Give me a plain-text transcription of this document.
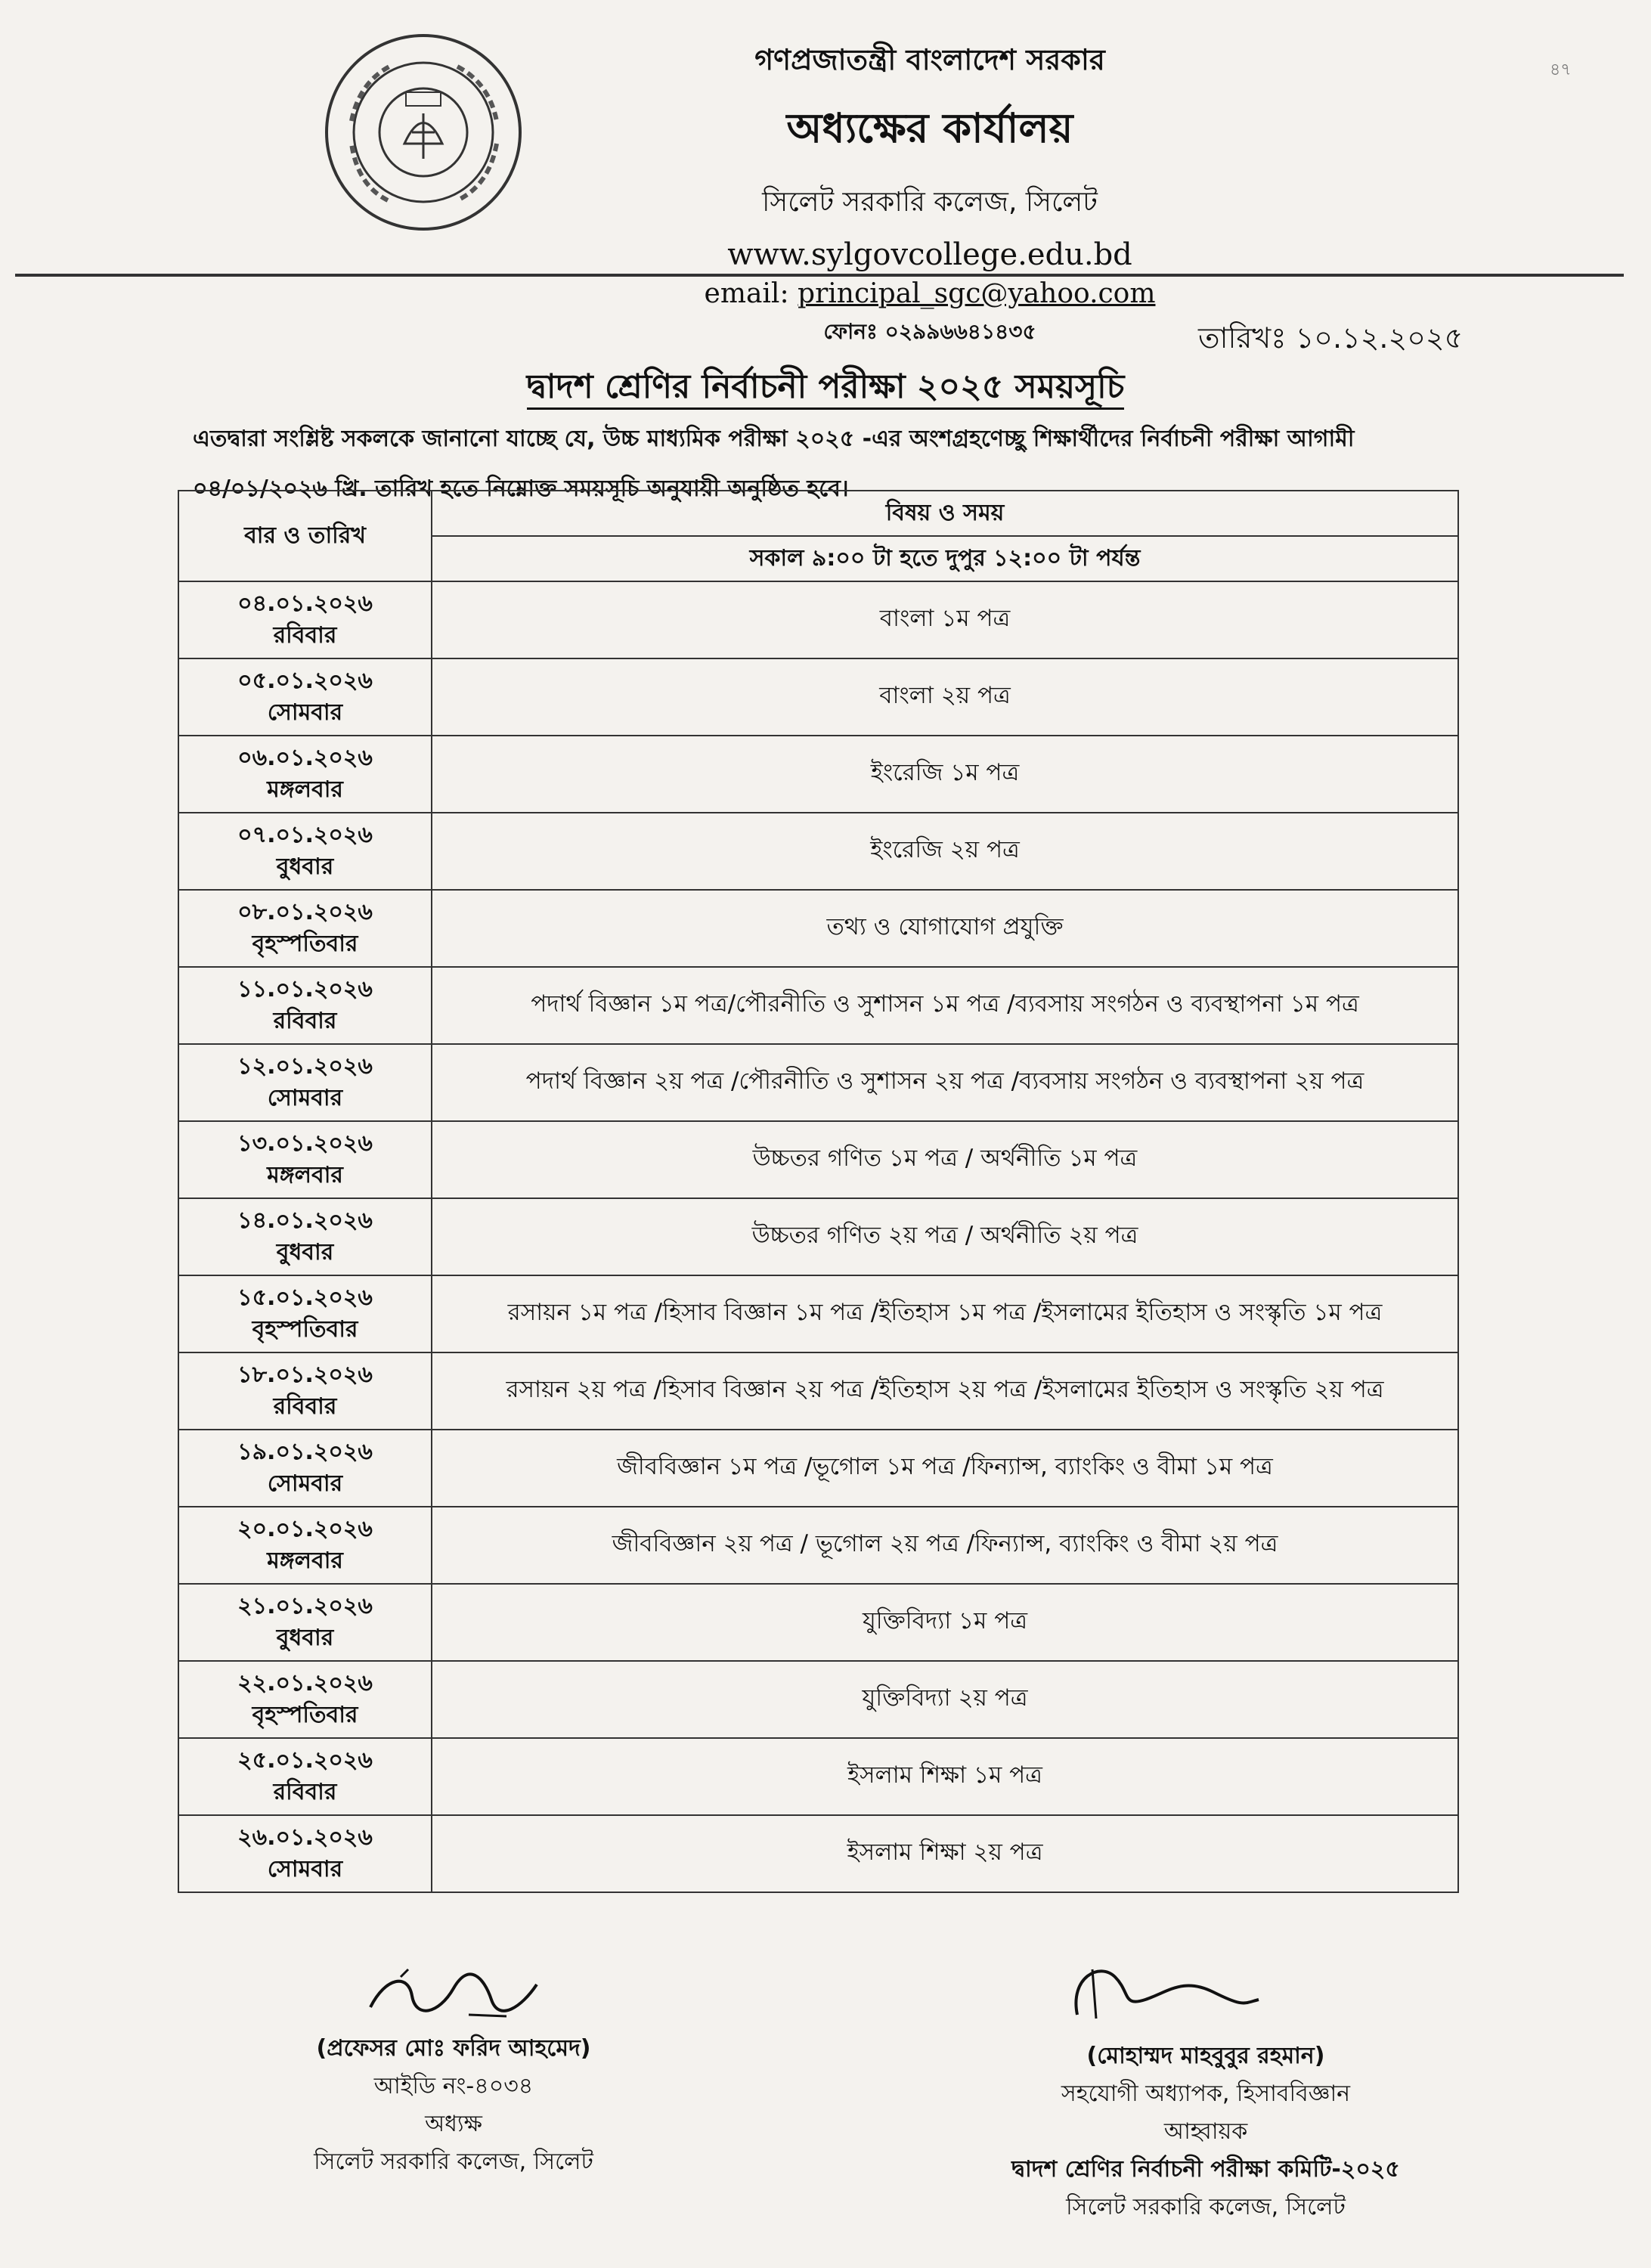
৪৭
গণপ্রজাতন্ত্রী বাংলাদেশ সরকার
অধ্যক্ষের কার্যালয়
সিলেট সরকারি কলেজ, সিলেট
www.sylgovcollege.edu.bd
email: principal_sgc@yahoo.com
ফোনঃ ০২৯৯৬৬৪১৪৩৫	তারিখঃ ১০.১২.২০২৫
দ্বাদশ শ্রেণির নির্বাচনী পরীক্ষা ২০২৫ সময়সূচি
এতদ্বারা সংশ্লিষ্ট সকলকে জানানো যাচ্ছে যে, উচ্চ মাধ্যমিক পরীক্ষা ২০২৫ -এর অংশগ্রহণেচ্ছু শিক্ষার্থীদের নির্বাচনী পরীক্ষা আগামী ০৪/০১/২০২৬ খ্রি. তারিখ হতে নিম্নোক্ত সময়সূচি অনুযায়ী অনুষ্ঠিত হবে।
বার ও তারিখ	বিষয় ও সময়
	সকাল ৯:০০ টা হতে দুপুর ১২:০০ টা পর্যন্ত

০৪.০১.২০২৬
রবিবার	বাংলা ১ম পত্র

০৫.০১.২০২৬
সোমবার	বাংলা ২য় পত্র

০৬.০১.২০২৬
মঙ্গলবার	ইংরেজি ১ম পত্র

০৭.০১.২০২৬
বুধবার	ইংরেজি ২য় পত্র

০৮.০১.২০২৬
বৃহস্পতিবার	তথ্য ও যোগাযোগ প্রযুক্তি

১১.০১.২০২৬
রবিবার	পদার্থ বিজ্ঞান ১ম পত্র/পৌরনীতি ও সুশাসন ১ম পত্র /ব্যবসায় সংগঠন ও ব্যবস্থাপনা ১ম পত্র

১২.০১.২০২৬
সোমবার	পদার্থ বিজ্ঞান ২য় পত্র /পৌরনীতি ও সুশাসন ২য় পত্র /ব্যবসায় সংগঠন ও ব্যবস্থাপনা ২য় পত্র

১৩.০১.২০২৬
মঙ্গলবার	উচ্চতর গণিত ১ম পত্র / অর্থনীতি ১ম পত্র

১৪.০১.২০২৬
বুধবার	উচ্চতর গণিত ২য় পত্র / অর্থনীতি ২য় পত্র

১৫.০১.২০২৬
বৃহস্পতিবার	রসায়ন ১ম পত্র /হিসাব বিজ্ঞান ১ম পত্র /ইতিহাস ১ম পত্র /ইসলামের ইতিহাস ও সংস্কৃতি ১ম পত্র

১৮.০১.২০২৬
রবিবার	রসায়ন ২য় পত্র /হিসাব বিজ্ঞান ২য় পত্র /ইতিহাস ২য় পত্র /ইসলামের ইতিহাস ও সংস্কৃতি ২য় পত্র

১৯.০১.২০২৬
সোমবার	জীববিজ্ঞান ১ম পত্র /ভূগোল ১ম পত্র /ফিন্যান্স, ব্যাংকিং ও বীমা ১ম পত্র

২০.০১.২০২৬
মঙ্গলবার	জীববিজ্ঞান ২য় পত্র / ভূগোল ২য় পত্র /ফিন্যান্স, ব্যাংকিং ও বীমা ২য় পত্র

২১.০১.২০২৬
বুধবার	যুক্তিবিদ্যা ১ম পত্র

২২.০১.২০২৬
বৃহস্পতিবার	যুক্তিবিদ্যা ২য় পত্র

২৫.০১.২০২৬
রবিবার	ইসলাম শিক্ষা ১ম পত্র

২৬.০১.২০২৬
সোমবার	ইসলাম শিক্ষা ২য় পত্র
(প্রফেসর মোঃ ফরিদ আহমেদ)
আইডি নং-৪০৩৪
অধ্যক্ষ
সিলেট সরকারি কলেজ, সিলেট
(মোহাম্মদ মাহবুবুর রহমান)
সহযোগী অধ্যাপক, হিসাববিজ্ঞান
আহ্বায়ক
দ্বাদশ শ্রেণির নির্বাচনী পরীক্ষা কমিটি-২০২৫
সিলেট সরকারি কলেজ, সিলেট
